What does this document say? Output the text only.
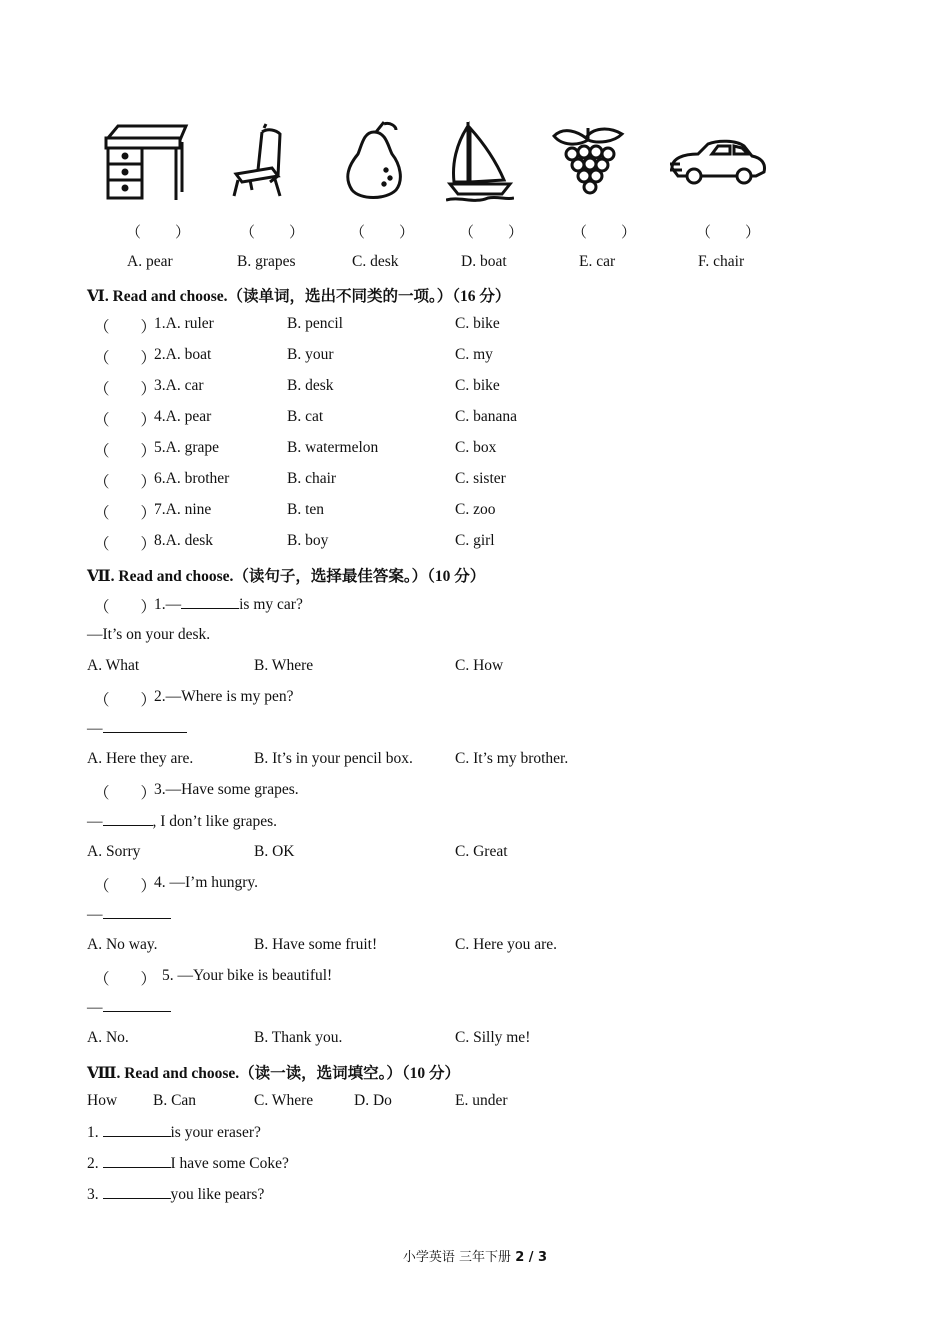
（ ）	（ ）	（ ）	（ ）	（ ）	（ ）
A. pear	B. grapes	C. desk	D. boat	E. car	F. chair
Ⅵ. Read and choose.（读单词，选出不同类的一项。）（16 分）
（　　）
1.A. ruler	B. pencil	C. bike
（　　）
2.A. boat	B. your	C. my
（　　）
3.A. car	B. desk	C. bike
（　　）
4.A. pear	B. cat	C. banana
（　　）
5.A. grape	B. watermelon	C. box
（　　）
6.A. brother	B. chair	C. sister
（　　）
7.A. nine	B. ten	C. zoo
（　　）
8.A. desk	B. boy	C. girl
Ⅶ. Read and choose.（读句子，选择最佳答案。）（10 分）
（　　）
1.—	is my car?
—It’s on your desk.
A. What	B. Where	C. How
（　　）
2.—Where is my pen?
—
A. Here they are.	B. It’s in your pencil box.	C. It’s my brother.
（　　）
3.—Have some grapes.
—	, I don’t like grapes.
A. Sorry	B. OK	C. Great
（　　）
4. —I’m hungry.
—
A. No way.	B. Have some fruit!	C. Here you are.
（　　） 5. —Your bike is beautiful!
—
A. No.	B. Thank you.	C. Silly me!
Ⅷ. Read and choose.（读一读，选词填空。）（10 分）
How B. Can	C. Where	D. Do	E. under
1.	is your eraser?
2.	I have some Coke?
3.	you like pears?
小学英语 三年下册 2 / 3
